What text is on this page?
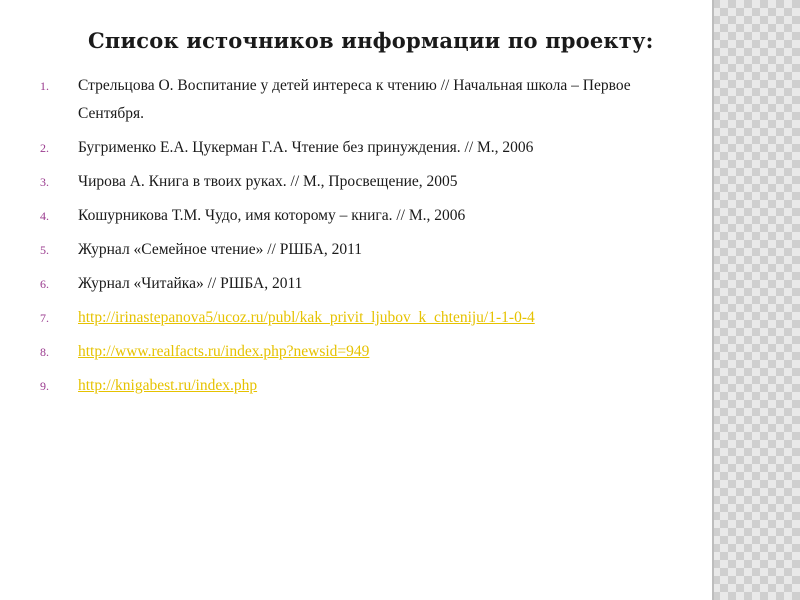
Список источников информации по проекту:
1.	Стрельцова О. Воспитание у детей интереса к чтению // Начальная школа – Первое Сентября.
2.	Бугрименко Е.А. Цукерман Г.А. Чтение без принуждения. // М., 2006
3.	Чирова А. Книга в твоих руках. // М., Просвещение, 2005
4.	Кошурникова Т.М. Чудо, имя которому – книга. // М., 2006
5.	Журнал «Семейное чтение» // РШБА, 2011
6.	Журнал «Читайка» // РШБА, 2011
7.	http://irinastepanova5/ucoz.ru/publ/kak_privit_ljubov_k_chteniju/1-1-0-4
8.	http://www.realfacts.ru/index.php?newsid=949
9.	http://knigabest.ru/index.php
